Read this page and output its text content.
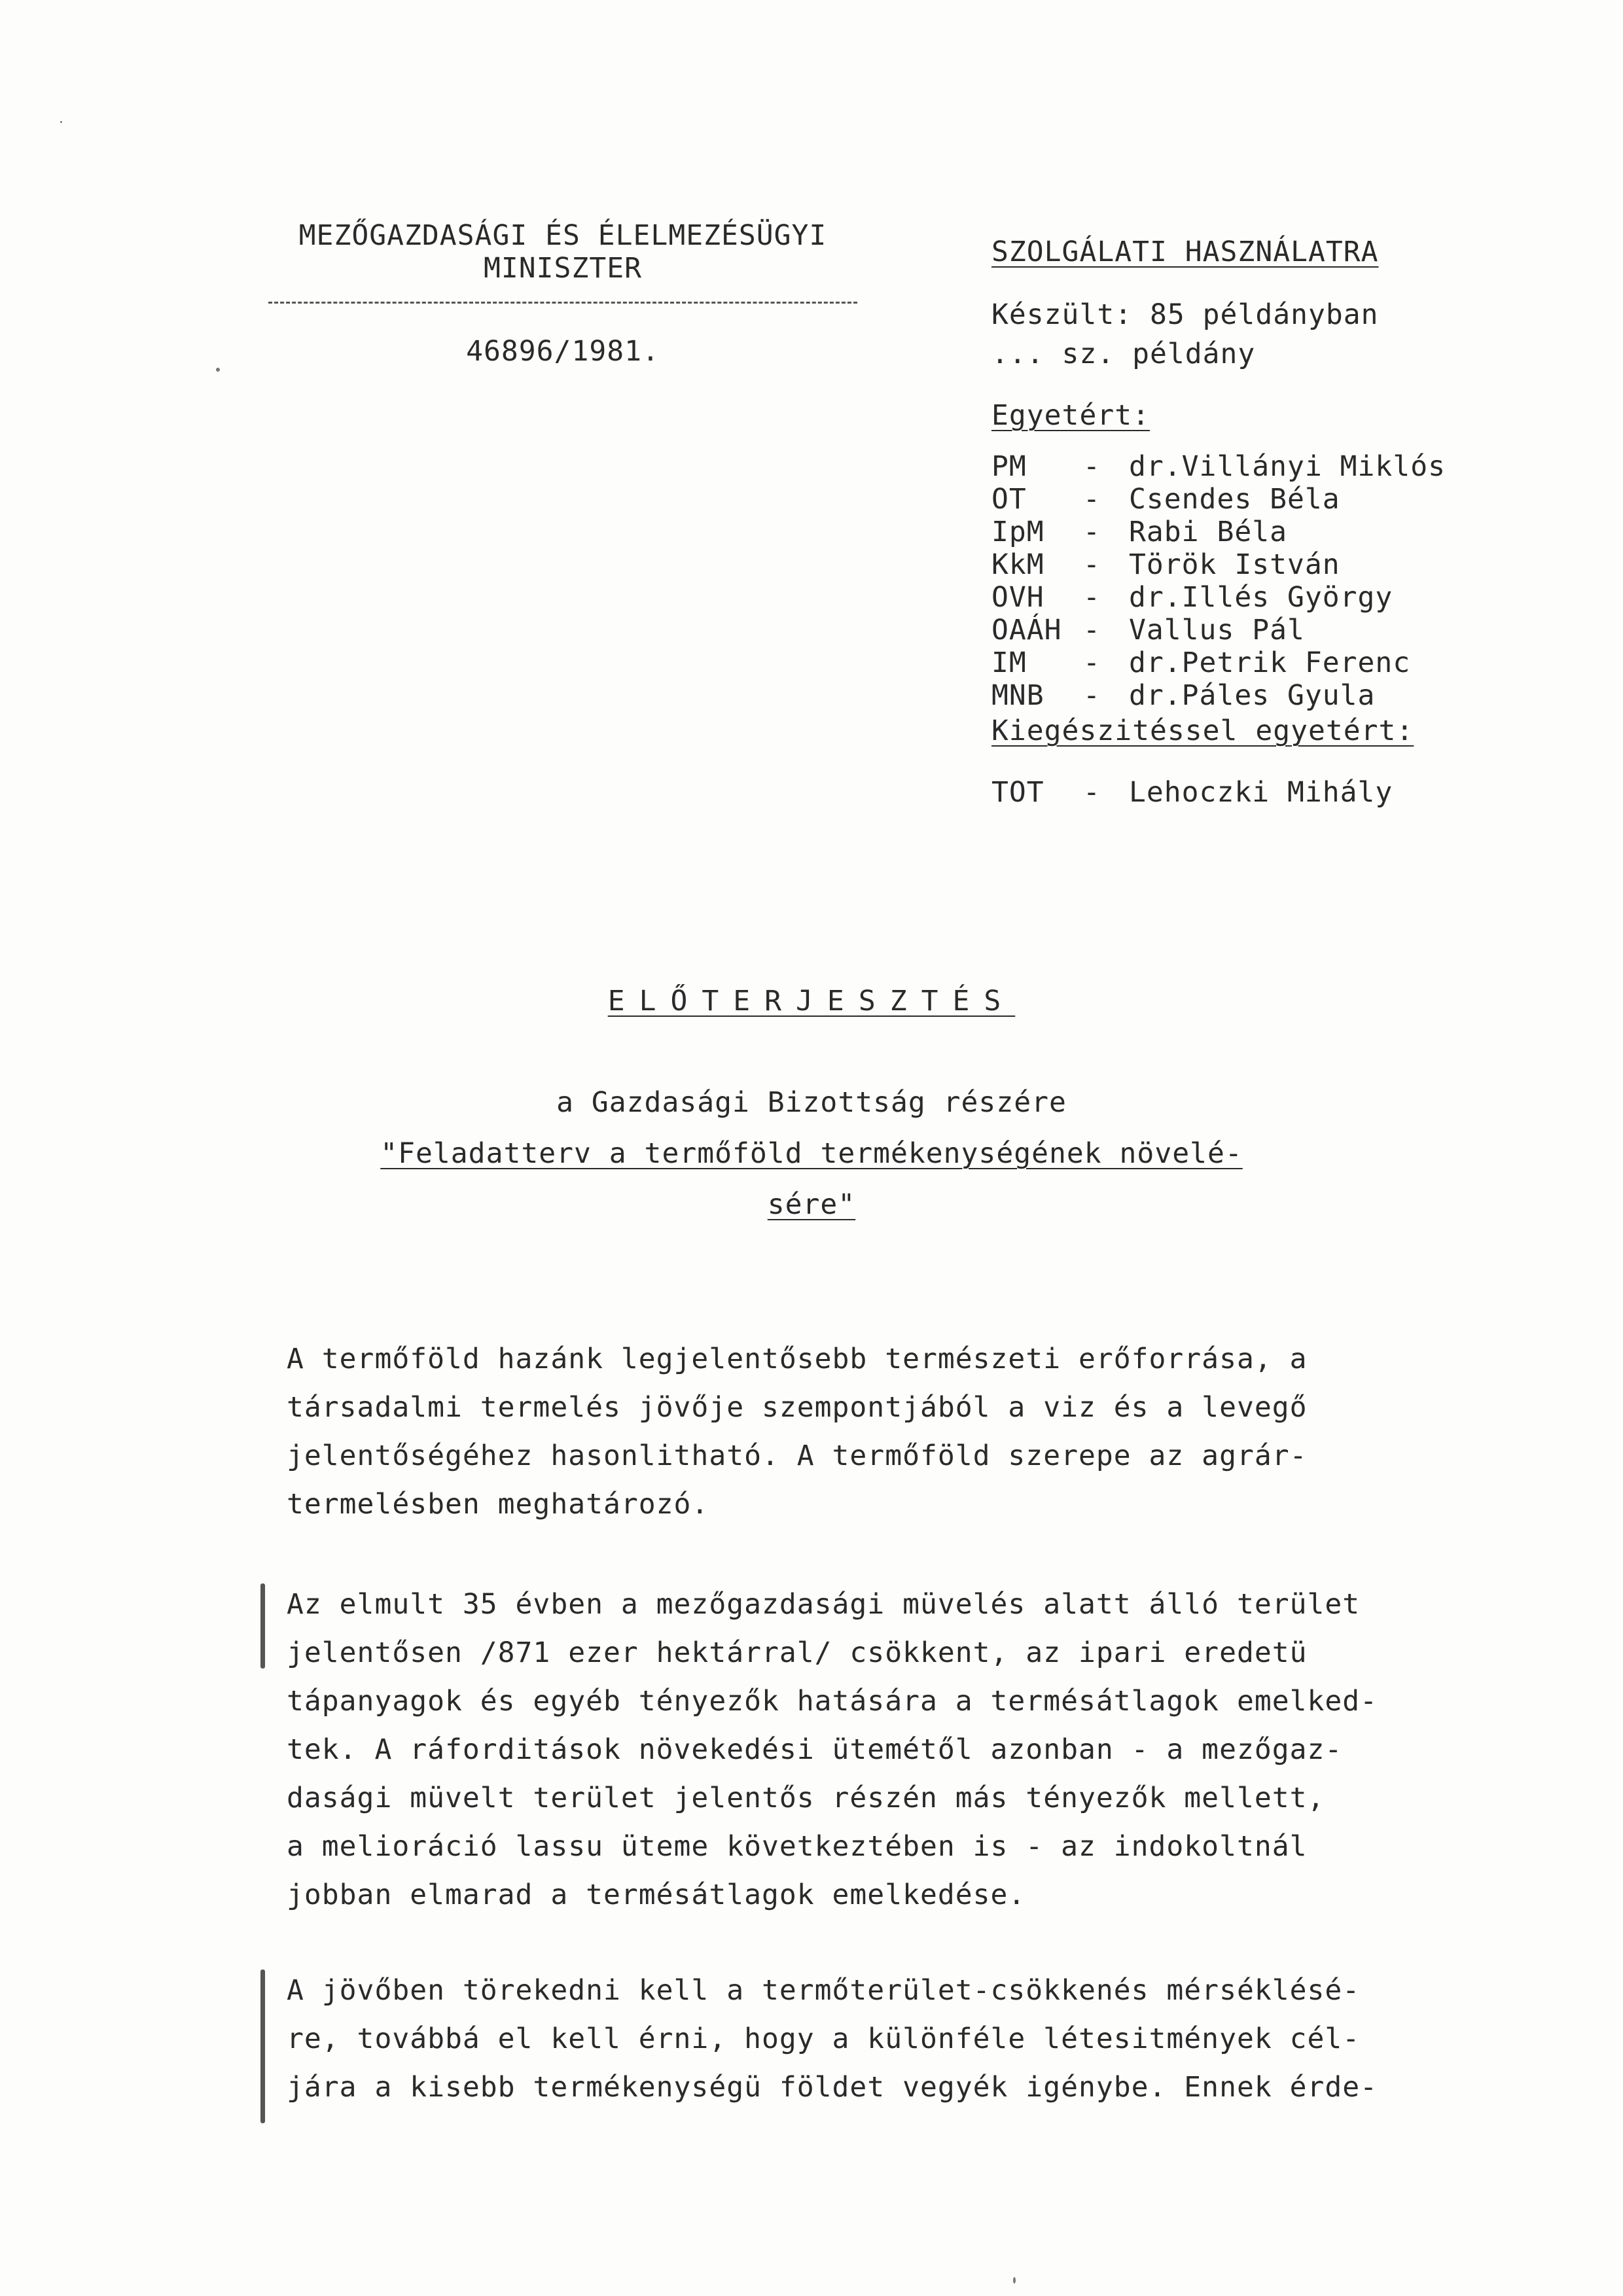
MEZŐGAZDASÁGI ÉS ÉLELMEZÉSÜGYI
MINISZTER
46896/1981.
SZOLGÁLATI HASZNÁLATRA
Készült: 85 példányban
... sz. példány
Egyetért:
PM	-	dr.Villányi Miklós
OT	-	Csendes Béla
IpM	-	Rabi Béla
KkM	-	Török István
OVH	-	dr.Illés György
OAÁH -	Vallus Pál
IM	-	dr.Petrik Ferenc
MNB	-	dr.Páles Gyula
Kiegészitéssel egyetért:
TOT	-	Lehoczki Mihály
ELŐTERJESZTÉS
a Gazdasági Bizottság részére
"Feladatterv a termőföld termékenységének növelé-
sére"
A termőföld hazánk legjelentősebb természeti erőforrása, a
társadalmi termelés jövője szempontjából a viz és a levegő
jelentőségéhez hasonlitható. A termőföld szerepe az agrár-
termelésben meghatározó.
Az elmult 35 évben a mezőgazdasági müvelés alatt álló terület
jelentősen /871 ezer hektárral/ csökkent, az ipari eredetü
tápanyagok és egyéb tényezők hatására a termésátlagok emelked-
tek. A ráforditások növekedési ütemétől azonban - a mezőgaz-
dasági müvelt terület jelentős részén más tényezők mellett,
a melioráció lassu üteme következtében is - az indokoltnál
jobban elmarad a termésátlagok emelkedése.
A jövőben törekedni kell a termőterület-csökkenés mérséklésé-
re, továbbá el kell érni, hogy a különféle létesitmények cél-
jára a kisebb termékenységü földet vegyék igénybe. Ennek érde-
